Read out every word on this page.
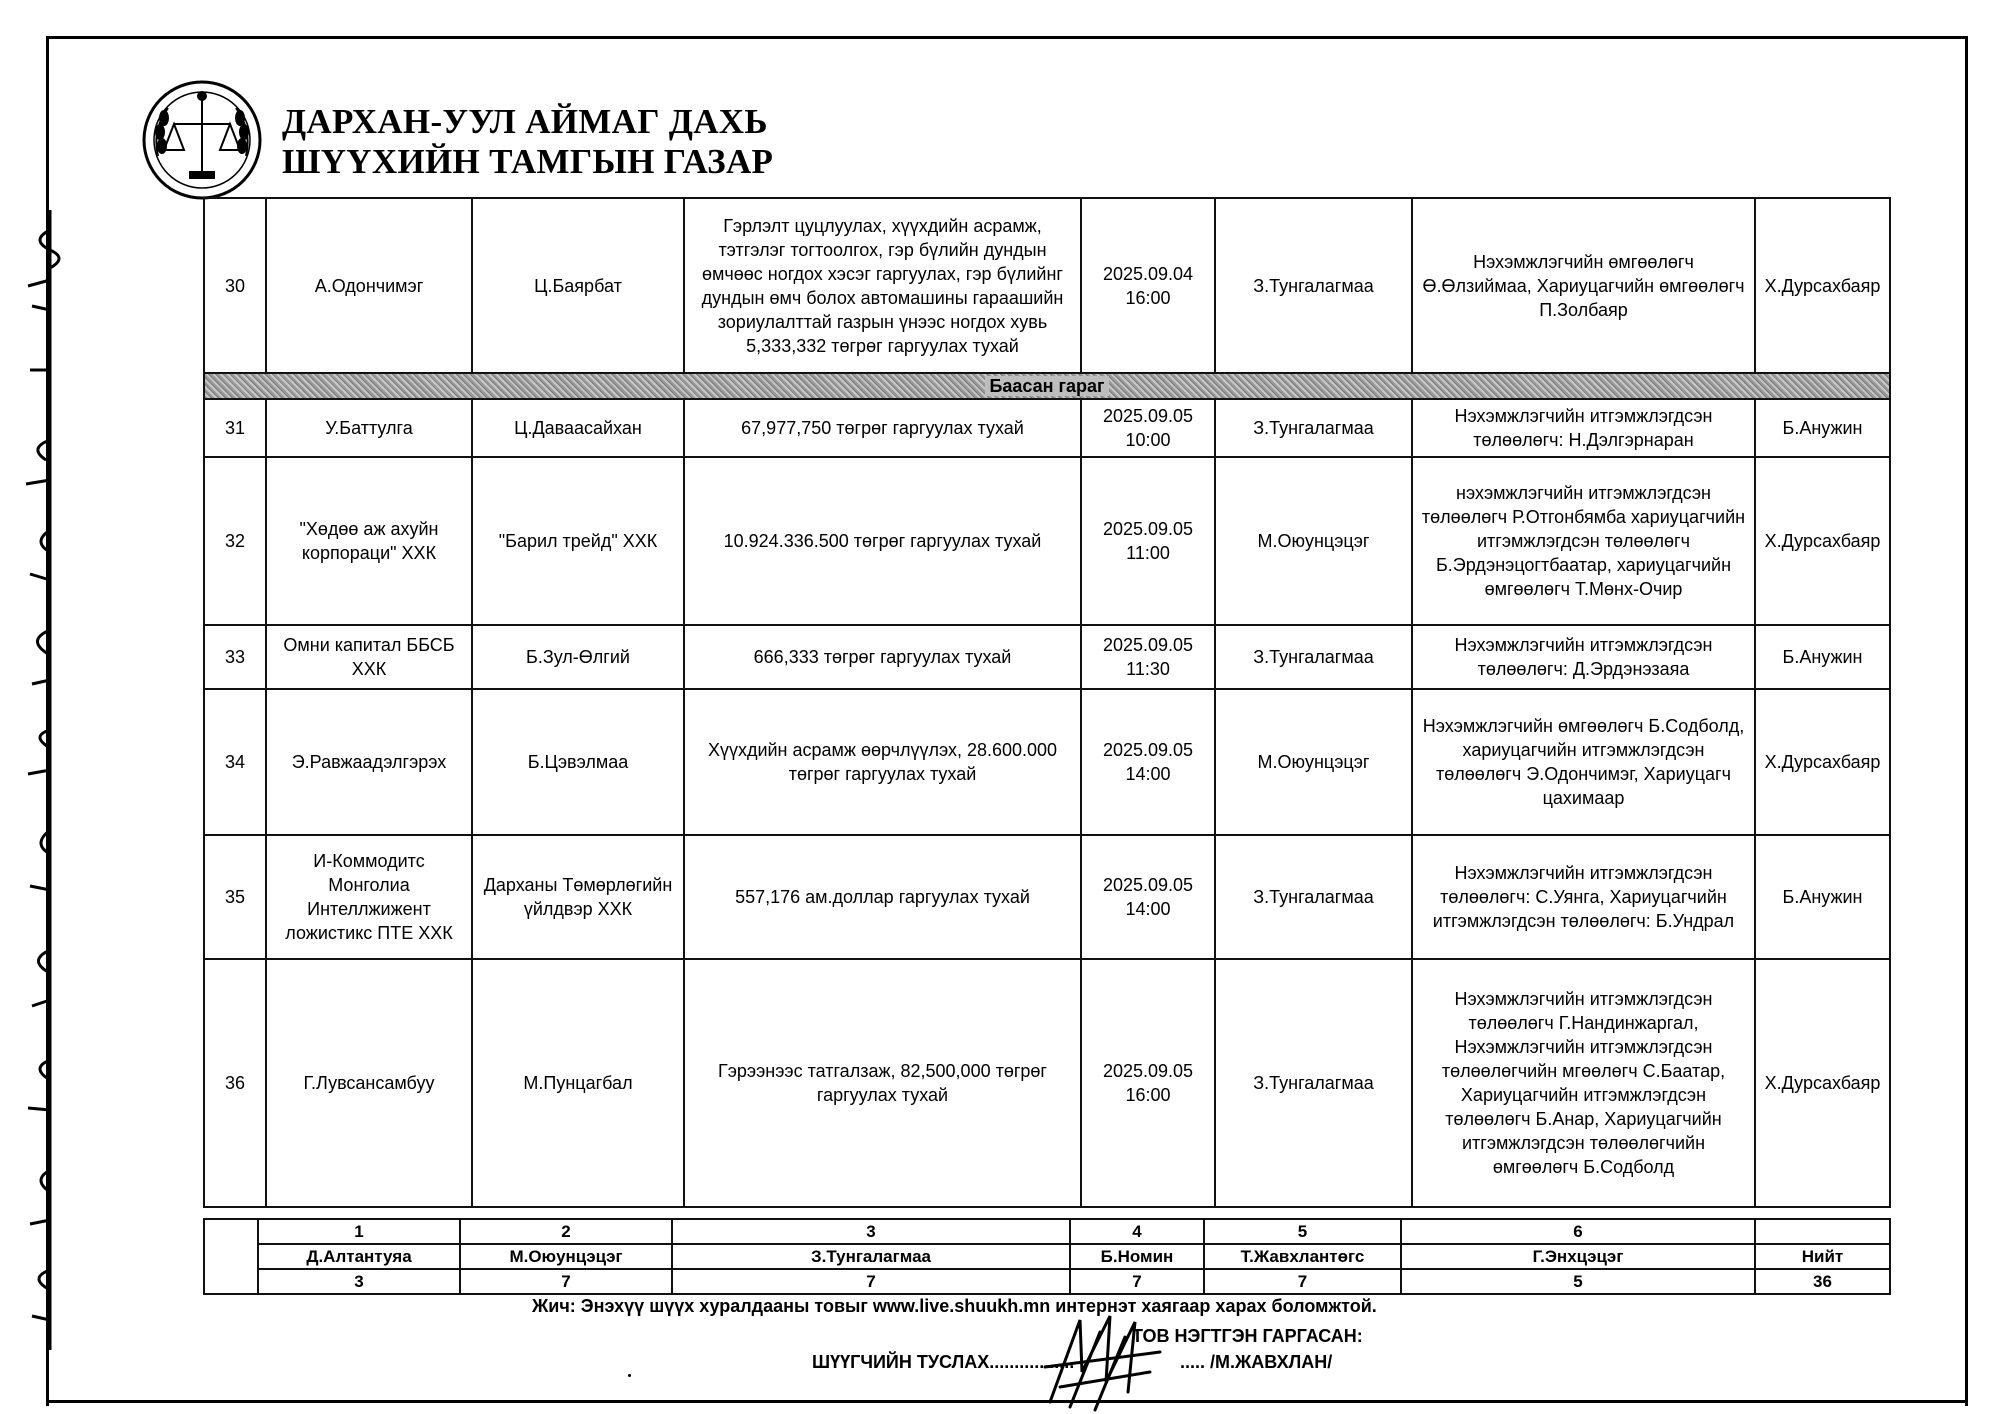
ДАРХАН-УУЛ АЙМАГ ДАХЬ
ШҮҮХИЙН ТАМГЫН ГАЗАР
30	А.Одончимэг	Ц.Баярбат	Гэрлэлт цуцлуулах, хүүхдийн асрамж, тэтгэлэг тогтоолгох, гэр бүлийн дундын өмчөөс ногдох хэсэг гаргуулах, гэр бүлийнг дундын өмч болох автомашины гараашийн зориулалттай газрын үнээс ногдох хувь 5,333,332 төгрөг гаргуулах тухай	2025.09.04 16:00	З.Тунгалагмаа	Нэхэмжлэгчийн өмгөөлөгч Ө.Өлзиймаа, Хариуцагчийн өмгөөлөгч П.Золбаяр	Х.Дурсахбаяр
Баасан гараг							
31	У.Баттулга	Ц.Даваасайхан	67,977,750 төгрөг гаргуулах тухай	2025.09.05 10:00	З.Тунгалагмаа	Нэхэмжлэгчийн итгэмжлэгдсэн төлөөлөгч: Н.Дэлгэрнаран	Б.Анужин
32	"Хөдөө аж ахуйн корпораци" ХХК	"Барил трейд" ХХК	10.924.336.500 төгрөг гаргуулах тухай	2025.09.05 11:00	М.Оюунцэцэг	нэхэмжлэгчийн итгэмжлэгдсэн төлөөлөгч Р.Отгонбямба хариуцагчийн итгэмжлэгдсэн төлөөлөгч Б.Эрдэнэцогтбаатар, хариуцагчийн өмгөөлөгч Т.Мөнх-Очир	Х.Дурсахбаяр
33	Омни капитал ББСБ ХХК	Б.Зул-Өлгий	666,333 төгрөг гаргуулах тухай	2025.09.05 11:30	З.Тунгалагмаа	Нэхэмжлэгчийн итгэмжлэгдсэн төлөөлөгч: Д.Эрдэнэзаяа	Б.Анужин
34	Э.Равжаадэлгэрэх	Б.Цэвэлмаа	Хүүхдийн асрамж өөрчлүүлэх, 28.600.000 төгрөг гаргуулах тухай	2025.09.05 14:00	М.Оюунцэцэг	Нэхэмжлэгчийн өмгөөлөгч Б.Содболд, хариуцагчийн итгэмжлэгдсэн төлөөлөгч Э.Одончимэг, Хариуцагч цахимаар	Х.Дурсахбаяр
35	И-Коммодитс Монголиа Интеллжижент ложистикс ПТЕ ХХК	Дарханы Төмөрлөгийн үйлдвэр ХХК	557,176 ам.доллар гаргуулах тухай	2025.09.05 14:00	З.Тунгалагмаа	Нэхэмжлэгчийн итгэмжлэгдсэн төлөөлөгч: С.Уянга, Хариуцагчийн итгэмжлэгдсэн төлөөлөгч: Б.Ундрал	Б.Анужин
36	Г.Лувсансамбуу	М.Пунцагбал	Гэрээнээс татгалзаж, 82,500,000 төгрөг гаргуулах тухай	2025.09.05 16:00	З.Тунгалагмаа	Нэхэмжлэгчийн итгэмжлэгдсэн төлөөлөгч Г.Нандинжаргал, Нэхэмжлэгчийн итгэмжлэгдсэн төлөөлөгчийн мгөөлөгч С.Баатар, Хариуцагчийн итгэмжлэгдсэн төлөөлөгч Б.Анар, Хариуцагчийн итгэмжлэгдсэн төлөөлөгчийн өмгөөлөгч Б.Содболд	Х.Дурсахбаяр
	1	2	3	4	5	6	
	Д.Алтантуяа	М.Оюунцэцэг	З.Тунгалагмаа	Б.Номин	Т.Жавхлантөгс	Г.Энхцэцэг	Нийт
	3	7	7	7	7	5	36
Жич: Энэхүү шүүх хуралдааны товыг www.live.shuukh.mn интернэт хаягаар харах боломжтой.
ТОВ НЭГТГЭН ГАРГАСАН:
ШҮҮГЧИЙН ТУСЛАХ.................	..... /М.ЖАВХЛАН/
